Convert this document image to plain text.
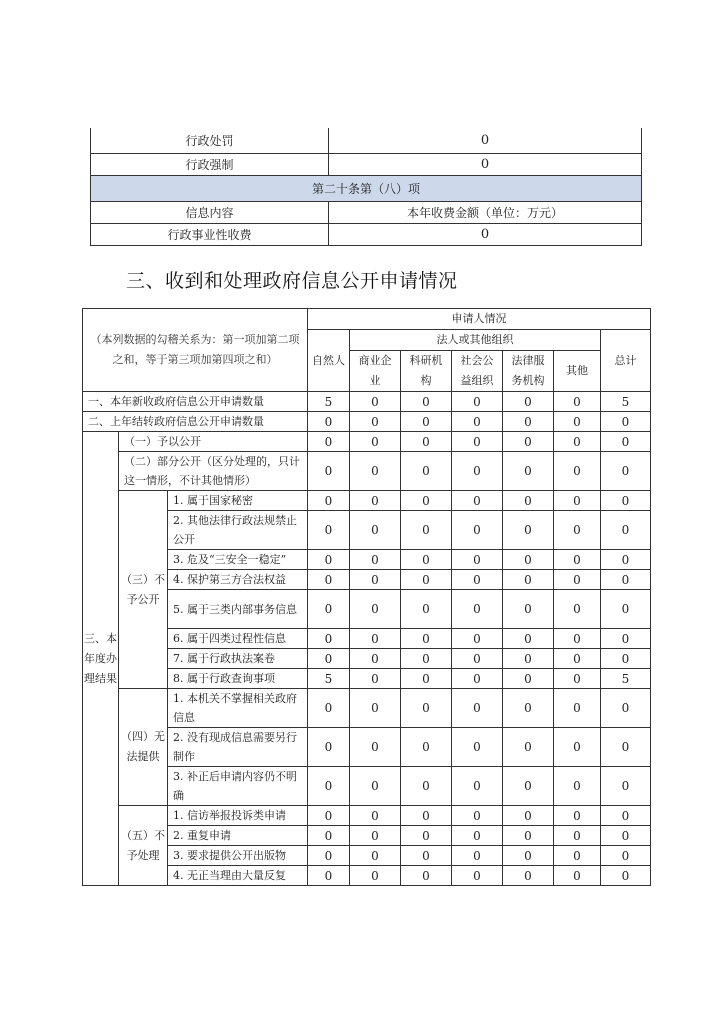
行政处罚	0
行政强制	0
第二十条第（八）项	
信息内容	本年收费金额（单位：万元）
行政事业性收费	0
三、收到和处理政府信息公开申请情况
（本列数据的勾稽关系为：第一项加第二项之和，等于第三项加第四项之和）			申请人情况						
			自然人	法人或其他组织					总计
				商业企业	科研机构	社会公益组织	法律服务机构	其他	
一、本年新收政府信息公开申请数量			5	0	0	0	0	0	5
二、上年结转政府信息公开申请数量			0	0	0	0	0	0	0
三、本年度办理结果	（一）予以公开		0	0	0	0	0	0	0
	（二）部分公开（区分处理的，只计这一情形，不计其他情形）		0	0	0	0	0	0	0
	（三）不予公开	1. 属于国家秘密	0	0	0	0	0	0	0
		2. 其他法律行政法规禁止公开	0	0	0	0	0	0	0
		3. 危及“三安全一稳定”	0	0	0	0	0	0	0
		4. 保护第三方合法权益	0	0	0	0	0	0	0
		5. 属于三类内部事务信息	0	0	0	0	0	0	0
		6. 属于四类过程性信息	0	0	0	0	0	0	0
		7. 属于行政执法案卷	0	0	0	0	0	0	0
		8. 属于行政查询事项	5	0	0	0	0	0	5
	（四）无法提供	1. 本机关不掌握相关政府信息	0	0	0	0	0	0	0
		2. 没有现成信息需要另行制作	0	0	0	0	0	0	0
		3. 补正后申请内容仍不明确	0	0	0	0	0	0	0
	（五）不予处理	1. 信访举报投诉类申请	0	0	0	0	0	0	0
		2. 重复申请	0	0	0	0	0	0	0
		3. 要求提供公开出版物	0	0	0	0	0	0	0
		4. 无正当理由大量反复	0	0	0	0	0	0	0
